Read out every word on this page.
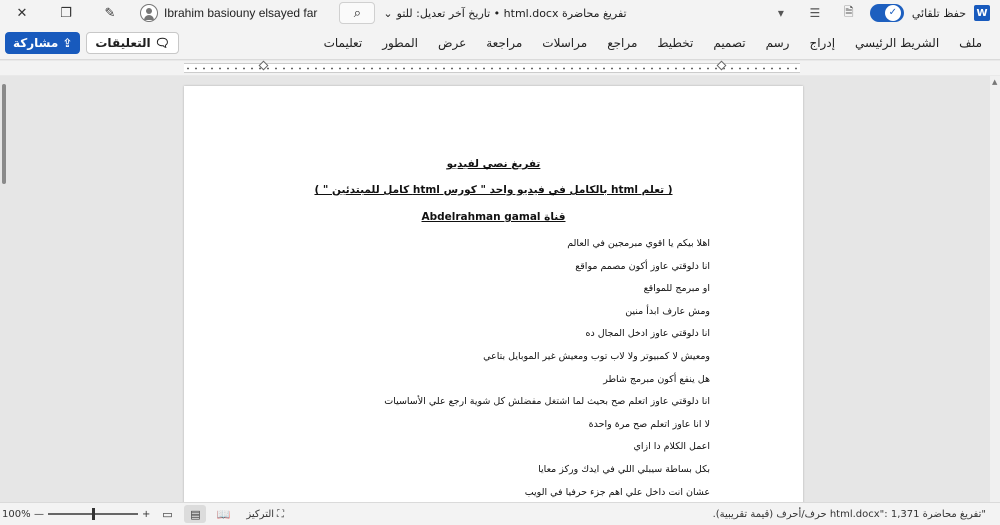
✕	❐	✎	Ibrahim basiouny elsayed far	⌕	تفريغ محاضرة html.docx • تاريخ آخر تعديل: للتو
⌄	▾	☰	🗎
✓	حفظ تلقائي W
⇪
مشاركة	🗨
التعليقات	تعليمات	المطور	عرض	مراجعة	مراسلات	مراجع	تخطيط	تصميم	رسم	إدراج	الشريط الرئيسي	ملف
▲
تفريغ نصي لفيديو
( تعلم html بالكامل في فيديو واحد " كورس html كامل للمبتدئين " )
قناة Abdelrahman gamal
اهلا بيكم يا اقوي مبرمجين في العالم
انا دلوقتي عاوز أكون مصمم مواقع
او مبرمج للمواقع
ومش عارف ابدأ منين
انا دلوقتي عاوز ادخل المجال ده
ومعيش لا كمبيوتر ولا لاب توب ومعيش غير الموبايل بتاعي
هل ينفع أكون مبرمج شاطر
انا دلوقتي عاوز اتعلم صح بحيث لما اشتغل مفضلش كل شوية ارجع علي الأساسيات
لا انا عاوز اتعلم صح مرة واحدة
اعمل الكلام دا ازاي
بكل بساطة سيبلي اللي في ايدك وركز معايا
عشان انت داخل علي اهم جزء حرفيا في الويب
100% —	+	▭	▤	📖	⛶
التركيز	"تفريغ محاضرة html.docx": 1,371 حرف/أحرف (قيمة تقريبية).
